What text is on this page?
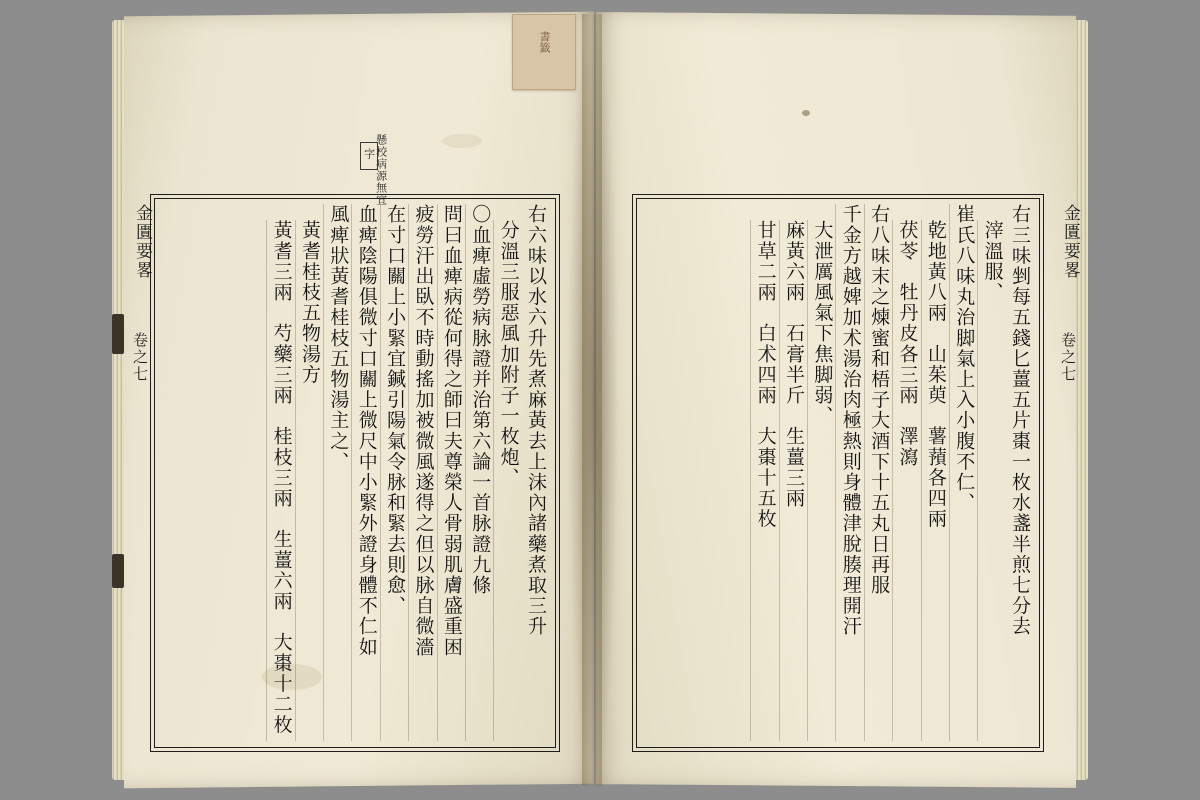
書籤
金匱要畧
卷之七
金匱要畧
卷之七
懸校病源無宜
字
右六味以水六升先煮麻黃去上沫內諸藥煮取三升
分溫三服惡風加附子一枚炮、
〇血痺虛勞病脉證并治第六論一首脉證九條
問曰血痺病從何得之師曰夫尊榮人骨弱肌膚盛重困
疲勞汗出臥不時動搖加被微風遂得之但以脉自微濇
在寸口關上小緊宜鍼引陽氣令脉和緊去則愈、
血痺陰陽俱微寸口關上微尺中小緊外證身體不仁如
風痺狀黃耆桂枝五物湯主之、
黃耆桂枝五物湯方
黃耆三兩　芍藥三兩　桂枝三兩　生薑六兩　大棗十二枚	右三味剉每五錢匕薑五片棗一枚水盞半煎七分去
滓溫服、
崔氏八味丸治脚氣上入小腹不仁、
乾地黃八兩　山茱萸　薯蕷各四兩
茯苓　牡丹皮各三兩　澤瀉
右八味末之煉蜜和梧子大酒下十五丸日再服
千金方越婢加术湯治肉極熱則身體津脫腠理開汗
大泄厲風氣下焦脚弱、
麻黃六兩　石膏半斤　生薑三兩
甘草二兩　白术四兩　大棗十五枚
